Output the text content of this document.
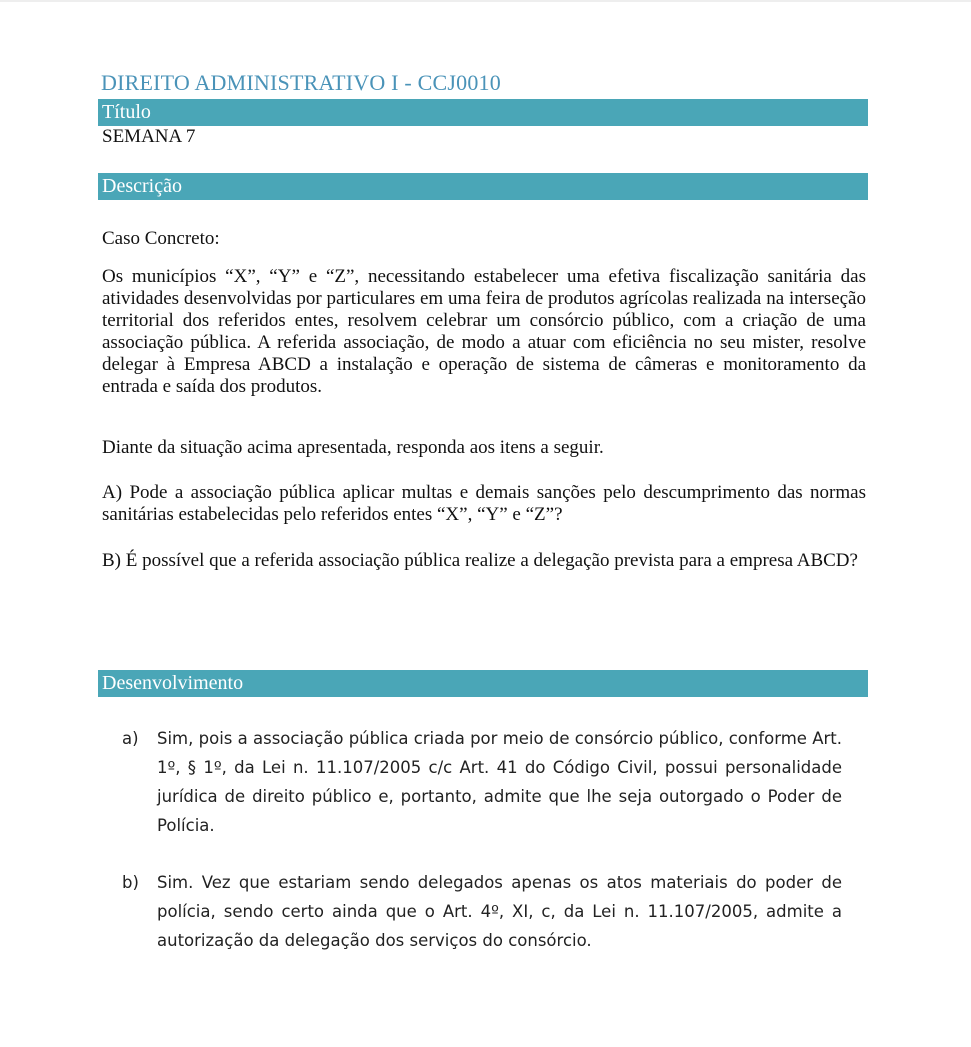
DIREITO ADMINISTRATIVO I - CCJ0010
Título
SEMANA 7
Descrição
Caso Concreto:
Os municípios “X”, “Y” e “Z”, necessitando estabelecer uma efetiva fiscalização sanitária das atividades desenvolvidas por particulares em uma feira de produtos agrícolas realizada na interseção territorial dos referidos entes, resolvem celebrar um consórcio público, com a criação de uma associação pública. A referida associação, de modo a atuar com eficiência no seu mister, resolve delegar à Empresa ABCD a instalação e operação de sistema de câmeras e monitoramento da entrada e saída dos produtos.
Diante da situação acima apresentada, responda aos itens a seguir.
A) Pode a associação pública aplicar multas e demais sanções pelo descumprimento das normas sanitárias estabelecidas pelo referidos entes “X”, “Y” e “Z”?
B) É possível que a referida associação pública realize a delegação prevista para a empresa ABCD?
Desenvolvimento
a)	Sim, pois a associação pública criada por meio de consórcio público, conforme Art. 1º, § 1º, da Lei n. 11.107/2005 c/c Art. 41 do Código Civil, possui personalidade jurídica de direito público e, portanto, admite que lhe seja outorgado o Poder de Polícia.
b)	Sim. Vez que estariam sendo delegados apenas os atos materiais do poder de polícia, sendo certo ainda que o Art. 4º, XI, c, da Lei n. 11.107/2005, admite a autorização da delegação dos serviços do consórcio.
